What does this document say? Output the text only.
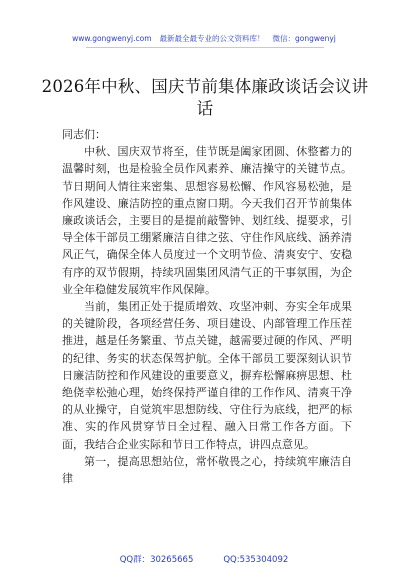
www.gongwenyj.com 最新最全最专业的公文资料库！ 微信：gongwenyj
2026年中秋、国庆节前集体廉政谈话会议讲
话

同志们：

中秋、国庆双节将至，佳节既是阖家团圆、休整蓄力的温馨时刻，也是检验全员作风素养、廉洁操守的关键节点。节日期间人情往来密集、思想容易松懈、作风容易松弛，是作风建设、廉洁防控的重点窗口期。今天我们召开节前集体廉政谈话会，主要目的是提前敲警钟、划红线、提要求，引导全体干部员工绷紧廉洁自律之弦、守住作风底线、涵养清风正气，确保全体人员度过一个文明节俭、清爽安宁、安稳有序的双节假期，持续巩固集团风清气正的干事氛围，为企业全年稳健发展筑牢作风保障。

当前，集团正处于提质增效、攻坚冲刺、夯实全年成果的关键阶段，各项经营任务、项目建设、内部管理工作压茬推进，越是任务繁重、节点关键，越需要过硬的作风、严明的纪律、务实的状态保驾护航。全体干部员工要深刻认识节日廉洁防控和作风建设的重要意义，摒弃松懈麻痹思想、杜绝侥幸松弛心理，始终保持严谨自律的工作作风、清爽干净的从业操守，自觉筑牢思想防线、守住行为底线，把严的标准、实的作风贯穿节日全过程、融入日常工作各方面。下面，我结合企业实际和节日工作特点，讲四点意见。

第一，提高思想站位，常怀敬畏之心，持续筑牢廉洁自律

QQ群：30265665	QQ:535304092
